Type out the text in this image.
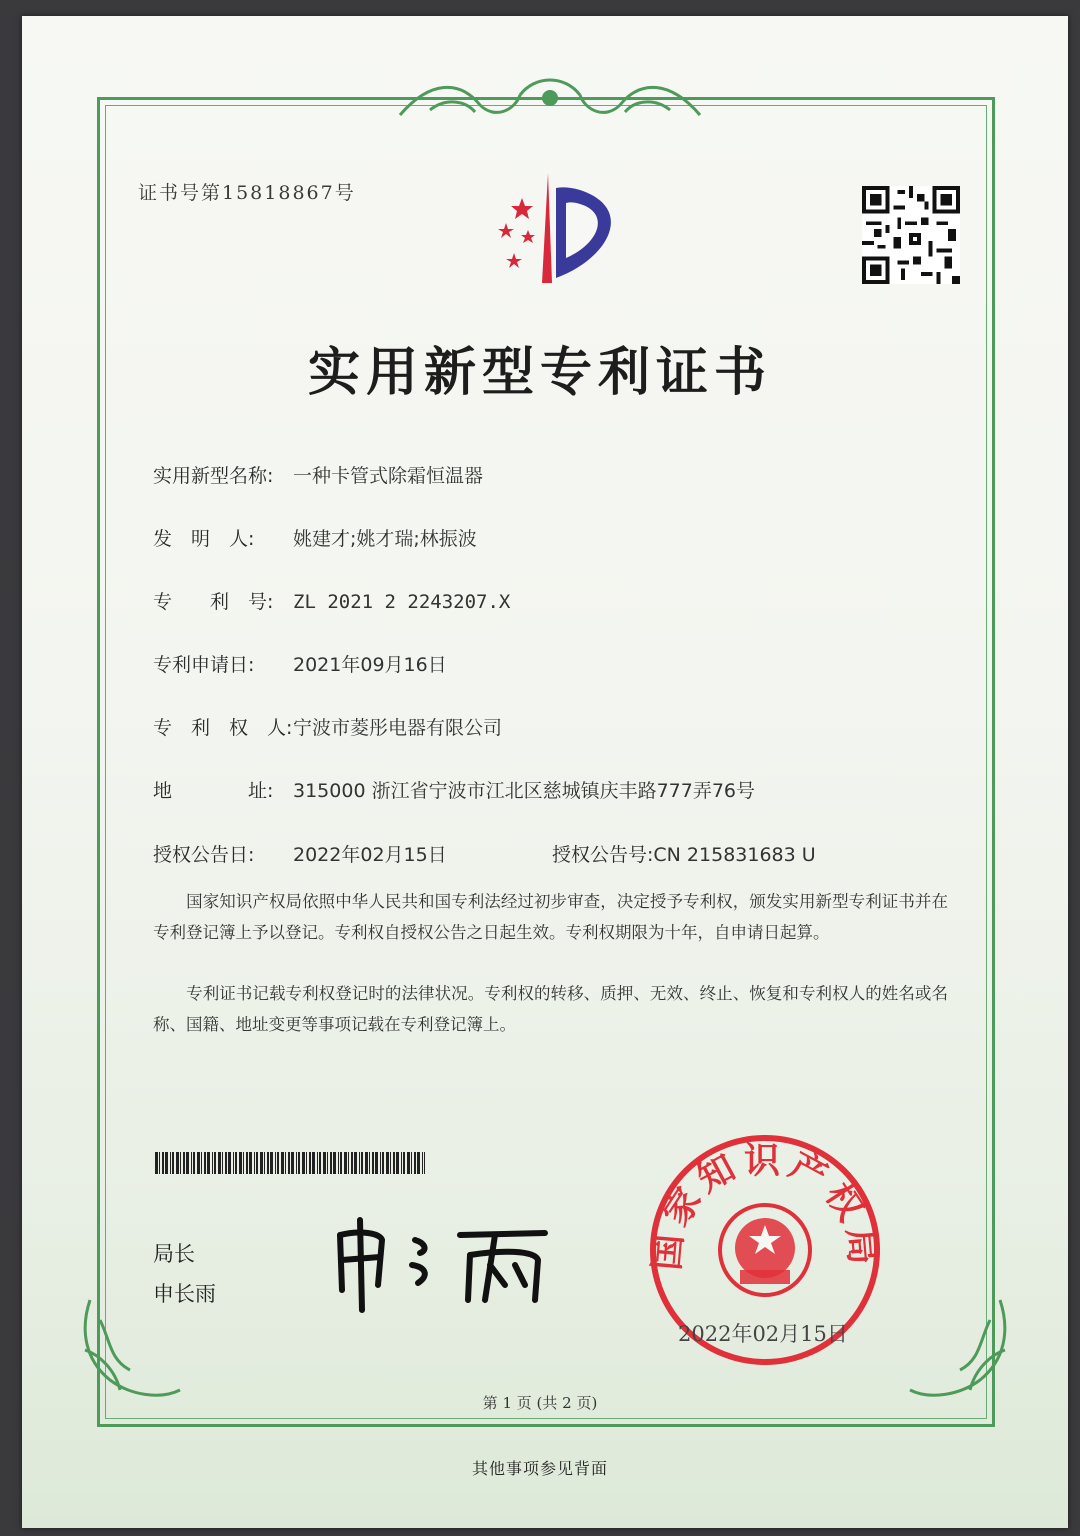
证书号第15818867号
实用新型专利证书
实用新型名称: 一种卡管式除霜恒温器
发　明　人: 姚建才;姚才瑞;林振波
专　　利　号: ZL 2021 2 2243207.X
专利申请日: 2021年09月16日
专　利　权　人:宁波市菱彤电器有限公司
地　　　　址: 315000 浙江省宁波市江北区慈城镇庆丰路777弄76号
授权公告日: 2022年02月15日	授权公告号:CN 215831683 U
　　国家知识产权局依照中华人民共和国专利法经过初步审查，决定授予专利权，颁发实用新型专利证书并在专利登记簿上予以登记。专利权自授权公告之日起生效。专利权期限为十年，自申请日起算。
　　专利证书记载专利权登记时的法律状况。专利权的转移、质押、无效、终止、恢复和专利权人的姓名或名称、国籍、地址变更等事项记载在专利登记簿上。
局长
申长雨
国家知识产权局
2022年02月15日
第 1 页 (共 2 页)
其他事项参见背面
